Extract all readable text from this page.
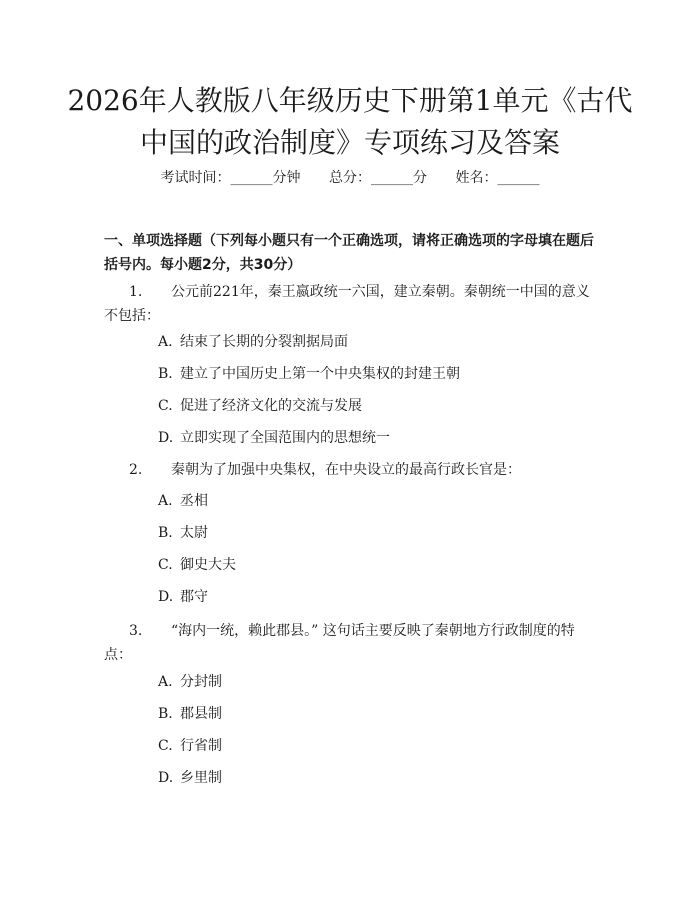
2026年人教版八年级历史下册第1单元《古代中国的政治制度》专项练习及答案
考试时间：______分钟 总分：______分 姓名：______

一、单项选择题（下列每小题只有一个正确选项，请将正确选项的字母填在题后括号内。每小题2分，共30分）

1. 公元前221年，秦王嬴政统一六国，建立秦朝。秦朝统一中国的意义不包括：
A. 结束了长期的分裂割据局面
B. 建立了中国历史上第一个中央集权的封建王朝
C. 促进了经济文化的交流与发展
D. 立即实现了全国范围内的思想统一
2. 秦朝为了加强中央集权，在中央设立的最高行政长官是：
A. 丞相
B. 太尉
C. 御史大夫
D. 郡守
3. “海内一统，赖此郡县。” 这句话主要反映了秦朝地方行政制度的特点：
A. 分封制
B. 郡县制
C. 行省制
D. 乡里制
